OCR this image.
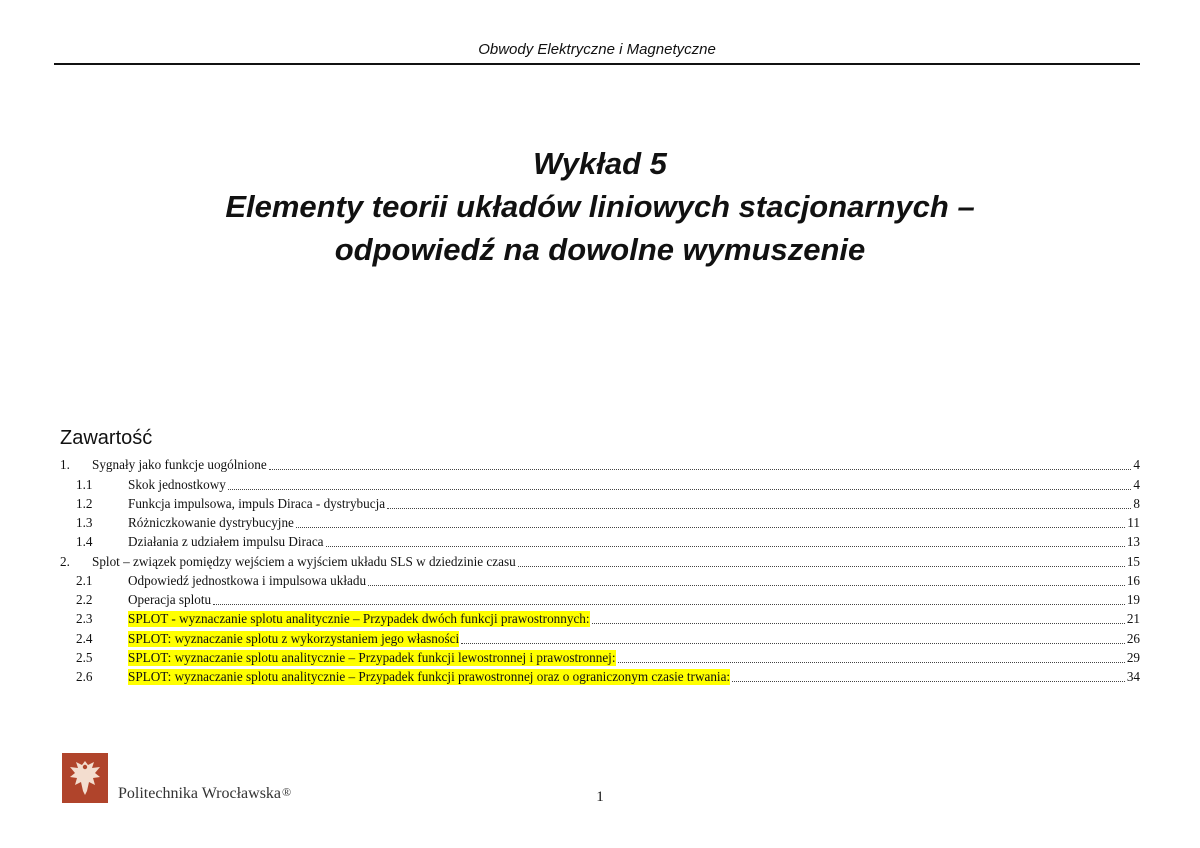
Obwody Elektryczne i Magnetyczne
Wykład 5
Elementy teorii układów liniowych stacjonarnych –
odpowiedź na dowolne wymuszenie
Zawartość
1.	Sygnały jako funkcje uogólnione	4
1.1	Skok jednostkowy	4
1.2	Funkcja impulsowa, impuls Diraca - dystrybucja	8
1.3	Różniczkowanie dystrybucyjne	11
1.4	Działania z udziałem impulsu Diraca	13
2.	Splot – związek pomiędzy wejściem a wyjściem układu SLS w dziedzinie czasu	15
2.1	Odpowiedź jednostkowa i impulsowa układu	16
2.2	Operacja splotu	19
2.3	SPLOT - wyznaczanie splotu analitycznie – Przypadek dwóch funkcji prawostronnych:	21
2.4	SPLOT: wyznaczanie splotu z wykorzystaniem jego własności	26
2.5	SPLOT: wyznaczanie splotu analitycznie – Przypadek funkcji lewostronnej i prawostronnej:	29
2.6	SPLOT: wyznaczanie splotu analitycznie – Przypadek funkcji prawostronnej oraz o ograniczonym czasie trwania:	34
Politechnika Wrocławska®	1
